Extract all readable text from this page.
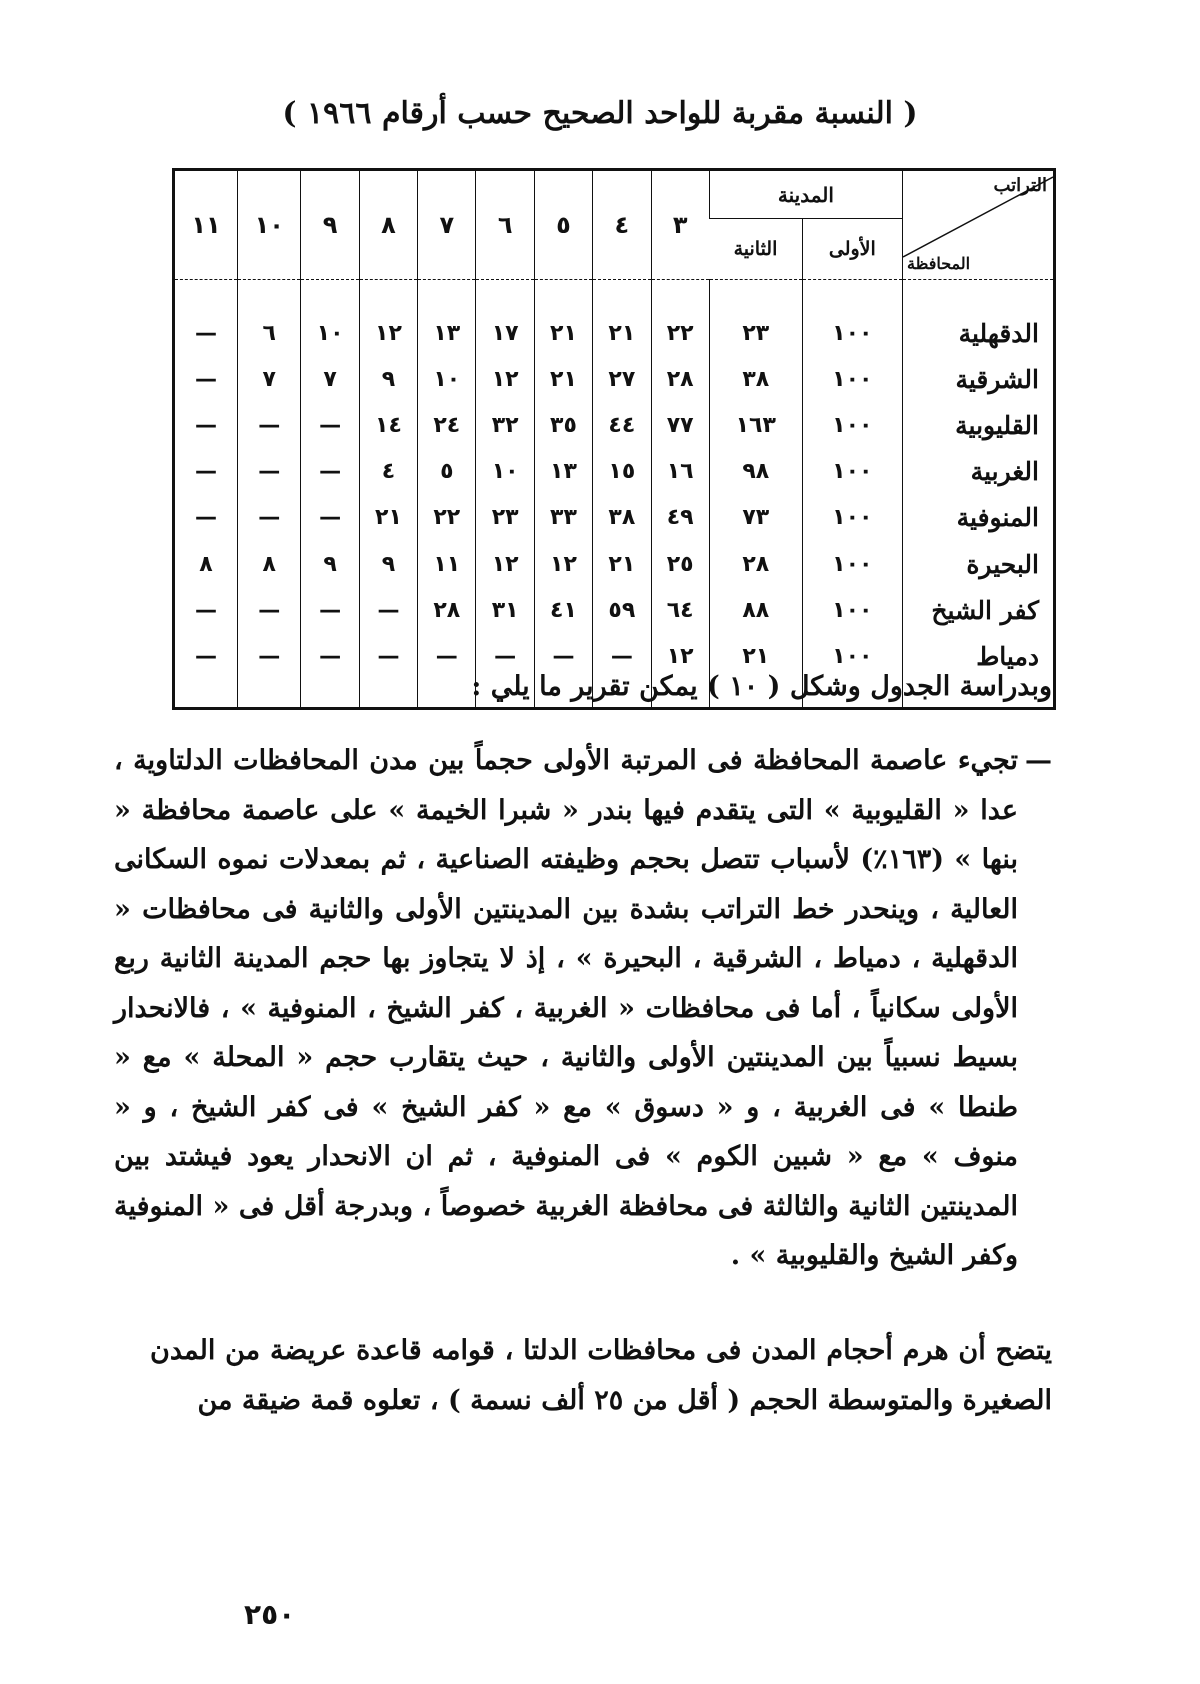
( النسبة مقربة للواحد الصحيح حسب أرقام ١٩٦٦ )
التراتب
المحافظة	المدينة		٣	٤	٥	٦	٧	٨	٩	١٠	١١
	الأولى	الثانية									

الدقهلية	١٠٠	٢٣	٢٢	٢١	٢١	١٧	١٣	١٢	١٠	٦	—
الشرقية	١٠٠	٣٨	٢٨	٢٧	٢١	١٢	١٠	٩	٧	٧	—
القليوبية	١٠٠	١٦٣	٧٧	٤٤	٣٥	٣٢	٢٤	١٤	—	—	—
الغربية	١٠٠	٩٨	١٦	١٥	١٣	١٠	٥	٤	—	—	—
المنوفية	١٠٠	٧٣	٤٩	٣٨	٣٣	٢٣	٢٢	٢١	—	—	—
البحيرة	١٠٠	٢٨	٢٥	٢١	١٢	١٢	١١	٩	٩	٨	٨
كفر الشيخ	١٠٠	٨٨	٦٤	٥٩	٤١	٣١	٢٨	—	—	—	—
دمياط	١٠٠	٢١	١٢	—	—	—	—	—	—	—	—

وبدراسة الجدول وشكل ( ١٠ ) يمكن تقرير ما يلي :
—
تجيء عاصمة المحافظة فى المرتبة الأولى حجماً بين مدن المحافظات الدلتاوية ، عدا « القليوبية » التى يتقدم فيها بندر « شبرا الخيمة » على عاصمة محافظة « بنها » (١٦٣٪) لأسباب تتصل بحجم وظيفته الصناعية ، ثم بمعدلات نموه السكانى العالية ، وينحدر خط التراتب بشدة بين المدينتين الأولى والثانية فى محافظات « الدقهلية ، دمياط ، الشرقية ، البحيرة » ، إذ لا يتجاوز بها حجم المدينة الثانية ربع الأولى سكانياً ، أما فى محافظات « الغربية ، كفر الشيخ ، المنوفية » ، فالانحدار بسيط نسبياً بين المدينتين الأولى والثانية ، حيث يتقارب حجم « المحلة » مع « طنطا » فى الغربية ، و « دسوق » مع « كفر الشيخ » فى كفر الشيخ ، و « منوف » مع « شبين الكوم » فى المنوفية ، ثم ان الانحدار يعود فيشتد بين المدينتين الثانية والثالثة فى محافظة الغربية خصوصاً ، وبدرجة أقل فى « المنوفية وكفر الشيخ والقليوبية » .
يتضح أن هرم أحجام المدن فى محافظات الدلتا ، قوامه قاعدة عريضة من المدن الصغيرة والمتوسطة الحجم ( أقل من ٢٥ ألف نسمة ) ، تعلوه قمة ضيقة من
٢٥٠
